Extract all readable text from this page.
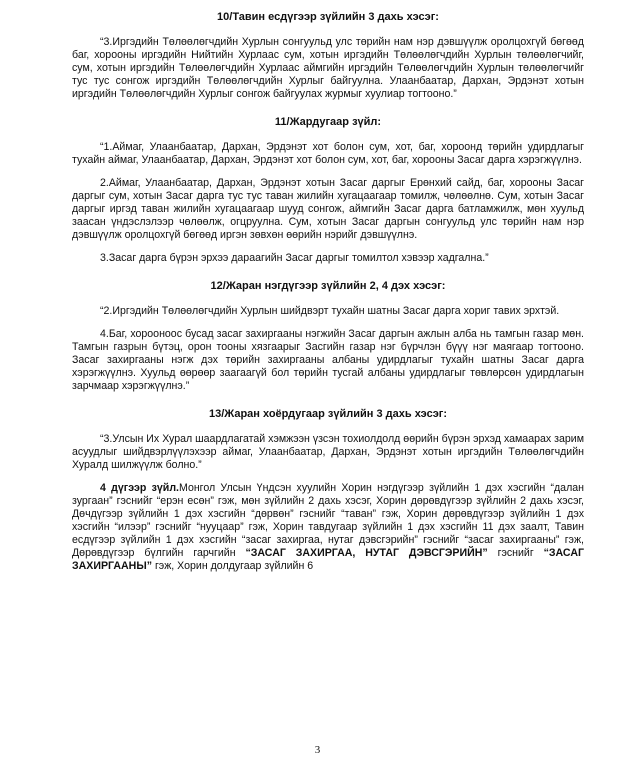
10/Тавин есдүгээр зүйлийн 3 дахь хэсэг:

“3.Иргэдийн Төлөөлөгчдийн Хурлын сонгуульд улс төрийн нам нэр дэвшүүлж оролцохгүй бөгөөд баг, хорооны иргэдийн Нийтийн Хурлаас сум, хотын иргэдийн Төлөөлөгчдийн Хурлын төлөөлөгчийг, сум, хотын иргэдийн Төлөөлөгчдийн Хурлаас аймгийн иргэдийн Төлөөлөгчдийн Хурлын төлөөлөгчийг тус тус сонгож иргэдийн Төлөөлөгчдийн Хурлыг байгуулна. Улаанбаатар, Дархан, Эрдэнэт хотын иргэдийн Төлөөлөгчдийн Хурлыг сонгож байгуулах журмыг хуулиар тогтооно.”

11/Жардугаар зүйл:

“1.Аймаг, Улаанбаатар, Дархан, Эрдэнэт хот болон сум, хот, баг, хороонд төрийн удирдлагыг тухайн аймаг, Улаанбаатар, Дархан, Эрдэнэт хот болон сум, хот, баг, хорооны Засаг дарга хэрэгжүүлнэ.

2.Аймаг, Улаанбаатар, Дархан, Эрдэнэт хотын Засаг даргыг Ерөнхий сайд, баг, хорооны Засаг даргыг сум, хотын Засаг дарга тус тус таван жилийн хугацаагаар томилж, чөлөөлнө. Сум, хотын Засаг даргыг иргэд таван жилийн хугацаагаар шууд сонгож, аймгийн Засаг дарга батламжилж, мөн хуульд заасан үндэслэлээр чөлөөлж, огцруулна. Сум, хотын Засаг даргын сонгуульд улс төрийн нам нэр дэвшүүлж оролцохгүй бөгөөд иргэн зөвхөн өөрийн нэрийг дэвшүүлнэ.

3.Засаг дарга бүрэн эрхээ дараагийн Засаг даргыг томилтол хэвээр хадгална.”

12/Жаран нэгдүгээр зүйлийн 2, 4 дэх хэсэг:

“2.Иргэдийн Төлөөлөгчдийн Хурлын шийдвэрт тухайн шатны Засаг дарга хориг тавих эрхтэй.

4.Баг, хорооноос бусад засаг захиргааны нэгжийн Засаг даргын ажлын алба нь тамгын газар мөн. Тамгын газрын бүтэц, орон тооны хязгаарыг Засгийн газар нэг бүрчлэн бүүү нэг маягаар тогтооно. Засаг захиргааны нэгж дэх төрийн захиргааны албаны удирдлагыг тухайн шатны Засаг дарга хэрэгжүүлнэ. Хуульд өөрөөр заагаагүй бол төрийн тусгай албаны удирдлагыг төвлөрсөн удирдлагын зарчмаар хэрэгжүүлнэ.”

13/Жаран хоёрдугаар зүйлийн 3 дахь хэсэг:

“3.Улсын Их Хурал шаардлагатай хэмжээн үзсэн тохиолдолд өөрийн бүрэн эрхэд хамаарах зарим асуудлыг шийдвэрлүүлэхээр аймаг, Улаанбаатар, Дархан, Эрдэнэт хотын иргэдийн Төлөөлөгчдийн Хуралд шилжүүлж болно.”

4 дүгээр зүйл.Монгол Улсын Үндсэн хуулийн Хорин нэгдүгээр зүйлийн 1 дэх хэсгийн “далан зургаан” гэснийг “ерэн есөн” гэж, мөн зүйлийн 2 дахь хэсэг, Хорин дөрөвдүгээр зүйлийн 2 дахь хэсэг, Дөчдүгээр зүйлийн 1 дэх хэсгийн “дөрвөн” гэснийг “таван” гэж, Хорин дөрөвдүгээр зүйлийн 1 дэх хэсгийн “илээр” гэснийг “нууцаар” гэж, Хорин тавдугаар зүйлийн 1 дэх хэсгийн 11 дэх заалт, Тавин есдүгээр зүйлийн 1 дэх хэсгийн “засаг захиргаа, нутаг дэвсгэрийн” гэснийг “засаг захиргааны” гэж, Дөрөвдүгээр бүлгийн гарчгийн “ЗАСАГ ЗАХИРГАА, НУТАГ ДЭВСГЭРИЙН” гэснийг “ЗАСАГ ЗАХИРГААНЫ” гэж, Хорин долдугаар зүйлийн 6

3
